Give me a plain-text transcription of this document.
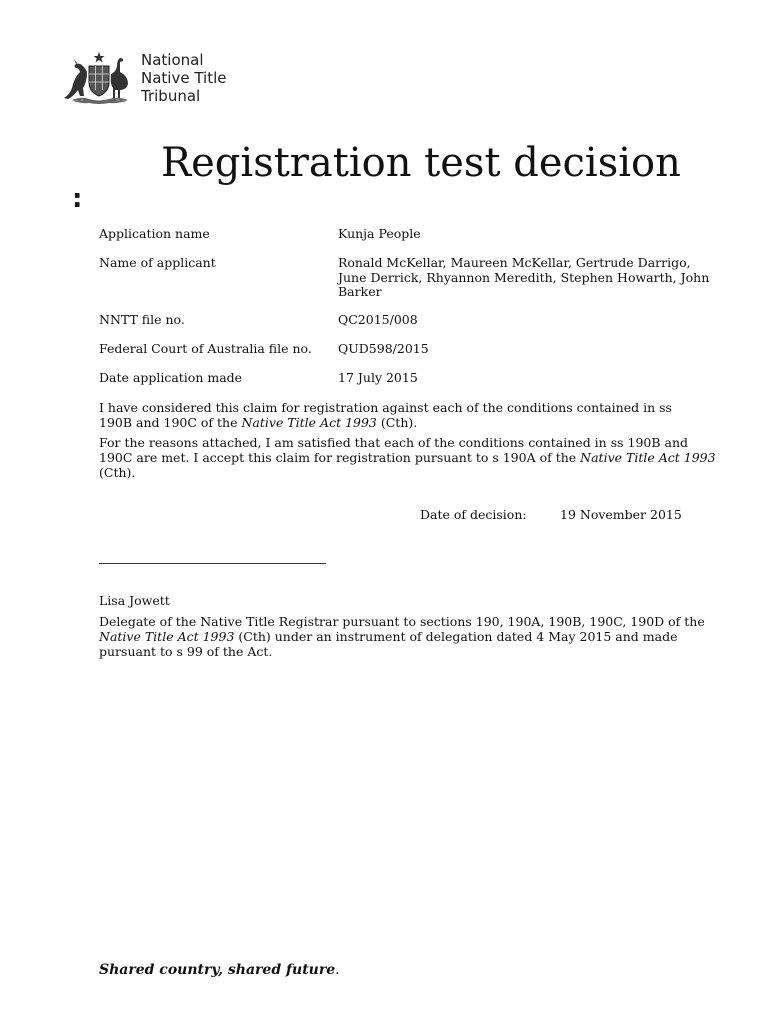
National
Native Title
Tribunal
Registration test decision
:
Application name	Kunja People
Name of applicant	Ronald McKellar, Maureen McKellar, Gertrude Darrigo, June Derrick, Rhyannon Meredith, Stephen Howarth, John Barker
NNTT file no.	QC2015/008
Federal Court of Australia file no.	QUD598/2015
Date application made	17 July 2015

I have considered this claim for registration against each of the conditions contained in ss 190B and 190C of the Native Title Act 1993 (Cth).

For the reasons attached, I am satisfied that each of the conditions contained in ss 190B and 190C are met. I accept this claim for registration pursuant to s 190A of the Native Title Act 1993 (Cth).

Date of decision:	19 November 2015
Lisa Jowett

Delegate of the Native Title Registrar pursuant to sections 190, 190A, 190B, 190C, 190D of the Native Title Act 1993 (Cth) under an instrument of delegation dated 4 May 2015 and made pursuant to s 99 of the Act.

Shared country, shared future.
